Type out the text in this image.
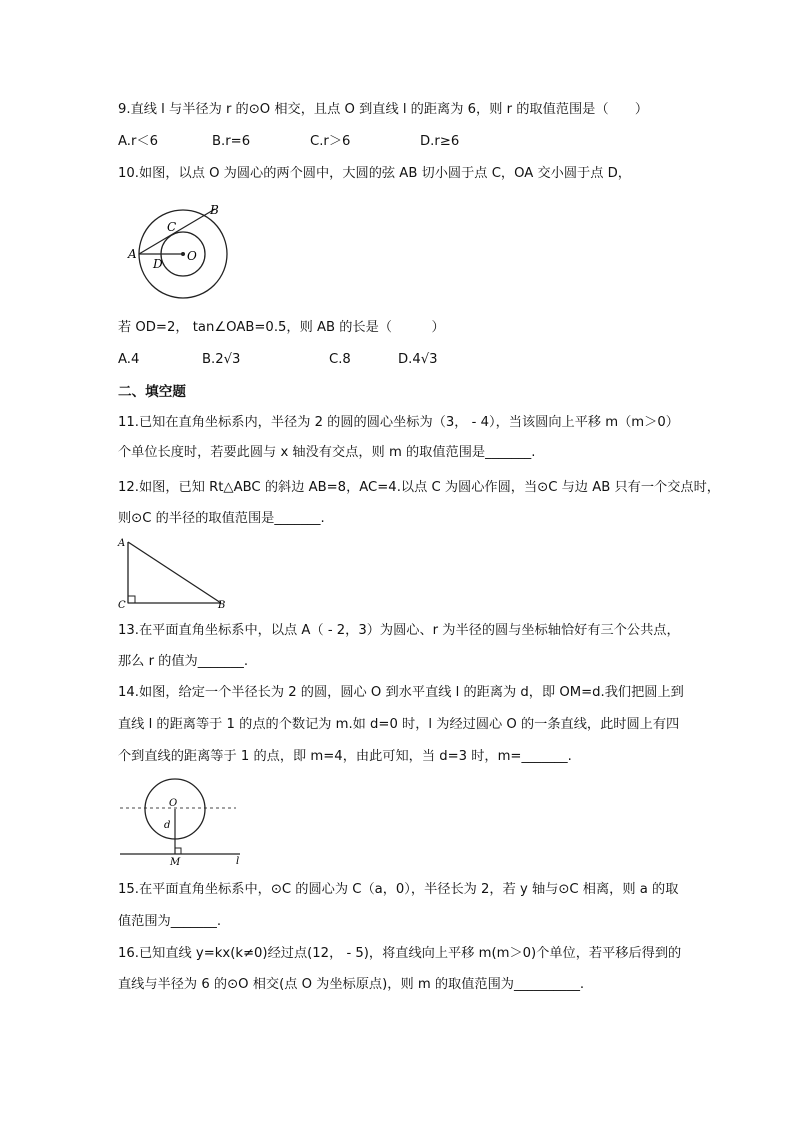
9.直线 l 与半径为 r 的⊙O 相交，且点 O 到直线 l 的距离为 6，则 r 的取值范围是（　　）
A.r＜6	B.r=6	C.r＞6	D.r≥6
10.如图，以点 O 为圆心的两个圆中，大圆的弦 AB 切小圆于点 C，OA 交小圆于点 D，
A
B
C
D
O
若 OD=2， tan∠OAB=0.5，则 AB 的长是（　　　）
A.4	B.2√3	C.8	D.4√3
二、填空题
11.已知在直角坐标系内，半径为 2 的圆的圆心坐标为（3， - 4），当该圆向上平移 m（m＞0）
个单位长度时，若要此圆与 x 轴没有交点，则 m 的取值范围是_______.
12.如图，已知 Rt△ABC 的斜边 AB=8，AC=4.以点 C 为圆心作圆，当⊙C 与边 AB 只有一个交点时，
则⊙C 的半径的取值范围是_______.
A
C	B
13.在平面直角坐标系中，以点 A（ - 2，3）为圆心、r 为半径的圆与坐标轴恰好有三个公共点，
那么 r 的值为_______.
14.如图，给定一个半径长为 2 的圆，圆心 O 到水平直线 l 的距离为 d，即 OM=d.我们把圆上到
直线 l 的距离等于 1 的点的个数记为 m.如 d=0 时，l 为经过圆心 O 的一条直线，此时圆上有四
个到直线的距离等于 1 的点，即 m=4，由此可知，当 d=3 时，m=_______.
O
d
M	l
15.在平面直角坐标系中，⊙C 的圆心为 C（a，0），半径长为 2，若 y 轴与⊙C 相离，则 a 的取
值范围为_______.
16.已知直线 y=kx(k≠0)经过点(12， - 5)，将直线向上平移 m(m＞0)个单位，若平移后得到的
直线与半径为 6 的⊙O 相交(点 O 为坐标原点)，则 m 的取值范围为__________.
